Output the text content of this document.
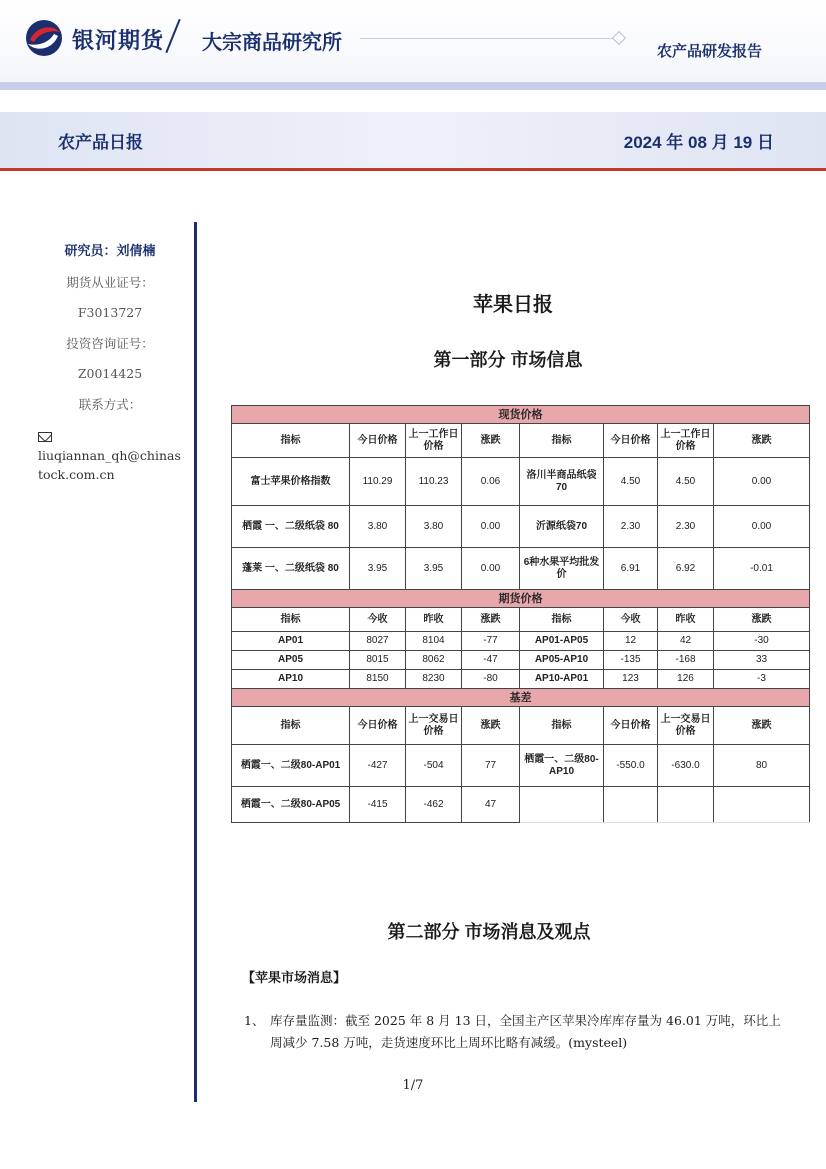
银河期货 大宗商品研究所	农产品研发报告
农产品日报	2024 年 08 月 19 日
研究员：刘倩楠
期货从业证号：
F3013727
投资咨询证号：
Z0014425
联系方式：
liuqiannan_qh@chinas
tock.com.cn
苹果日报
第一部分 市场信息
现货价格							
指标	今日价格	上一工作日价格	涨跌	指标	今日价格	上一工作日价格	涨跌
富士苹果价格指数	110.29	110.23	0.06	洛川半商品纸袋70	4.50	4.50	0.00
栖霞 一、二级纸袋 80	3.80	3.80	0.00	沂源纸袋70	2.30	2.30	0.00
蓬莱 一、二级纸袋 80	3.95	3.95	0.00	6种水果平均批发价	6.91	6.92	-0.01
期货价格							
指标	今收	昨收	涨跌	指标	今收	昨收	涨跌
AP01	8027	8104	-77	AP01-AP05	12	42	-30
AP05	8015	8062	-47	AP05-AP10	-135	-168	33
AP10	8150	8230	-80	AP10-AP01	123	126	-3
基差							
指标	今日价格	上一交易日价格	涨跌	指标	今日价格	上一交易日价格	涨跌
栖霞一、二级80-AP01	-427	-504	77	栖霞一、二级80-AP10	-550.0	-630.0	80
栖霞一、二级80-AP05	-415	-462	47				
第二部分 市场消息及观点
【苹果市场消息】
1、 库存量监测：截至 2025 年 8 月 13 日，全国主产区苹果冷库库存量为 46.01 万吨，环比上周减少 7.58 万吨，走货速度环比上周环比略有减缓。(mysteel)
1/7
